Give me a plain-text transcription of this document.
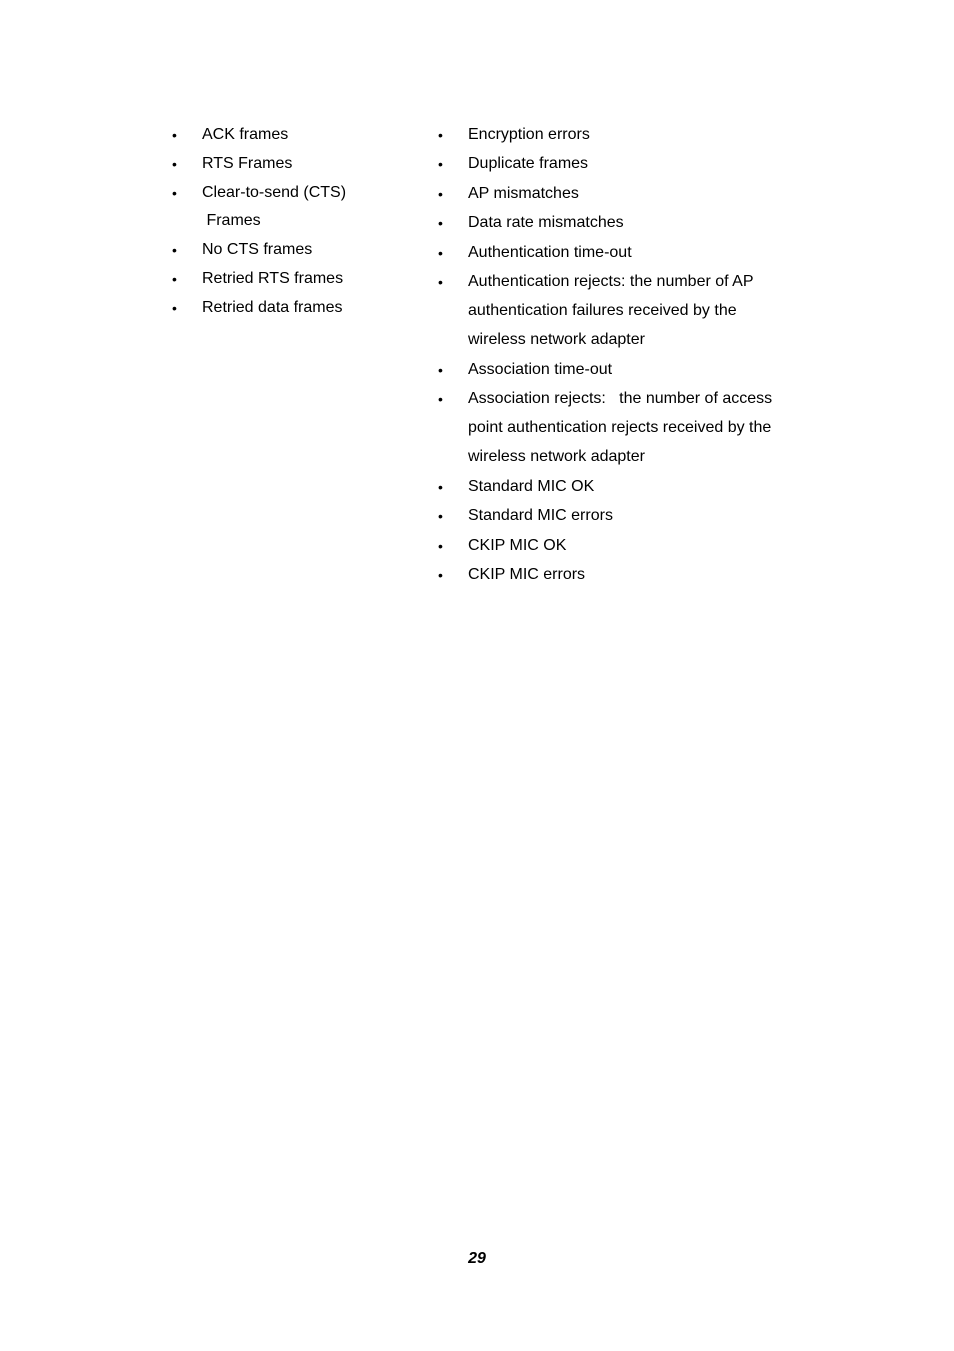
•	ACK frames
•	RTS Frames
•	Clear-to-send (CTS)
Frames
•	No CTS frames
•	Retried RTS frames
•	Retried data frames
•	Encryption errors
•	Duplicate frames
•	AP mismatches
•	Data rate mismatches
•	Authentication time-out
•	Authentication rejects: the number of AP
authentication failures received by the
wireless network adapter
•	Association time-out
•	Association rejects:   the number of access
point authentication rejects received by the
wireless network adapter
•	Standard MIC OK
•	Standard MIC errors
•	CKIP MIC OK
•	CKIP MIC errors
29
